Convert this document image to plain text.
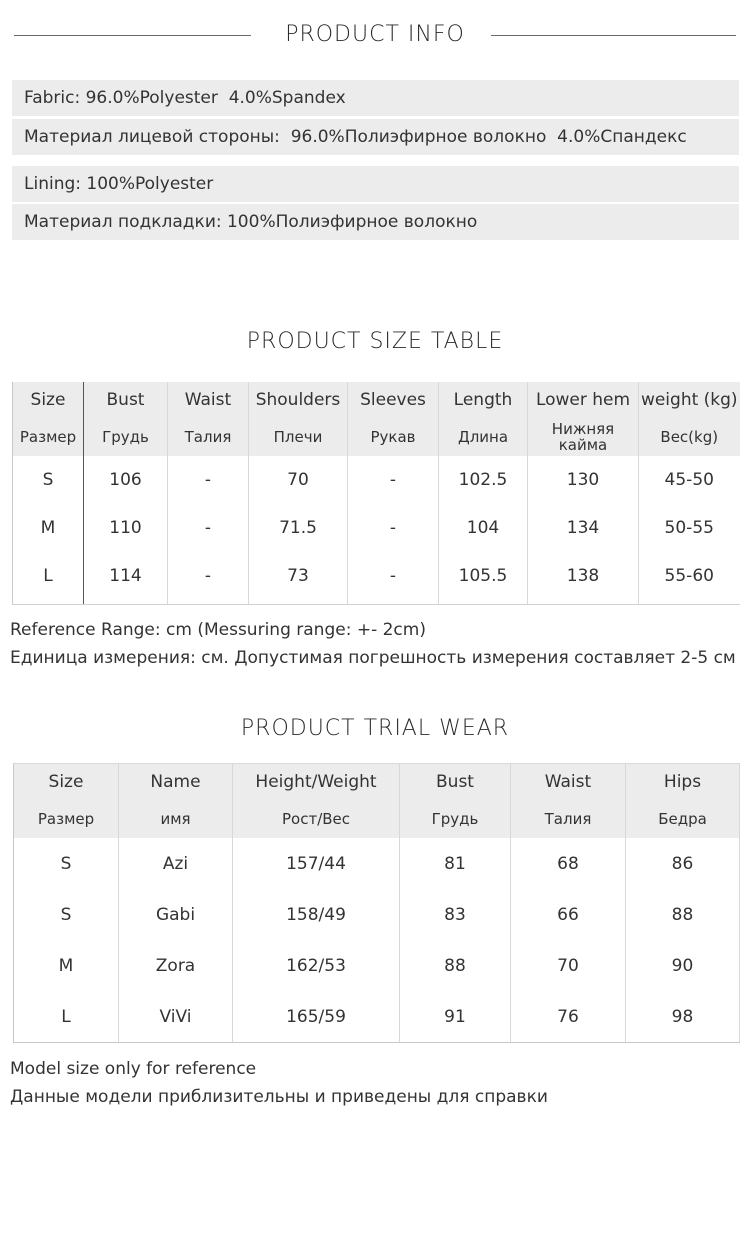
PRODUCT INFO
Fabric: 96.0%Polyester  4.0%Spandex
Материал лицевой стороны:  96.0%Полиэфирное волокно  4.0%Спандекс
Lining: 100%Polyester
Материал подкладки: 100%Полиэфирное волокно
PRODUCT SIZE TABLE
Size	Bust	Waist	Shoulders	Sleeves	Length	Lower hem	weight (kg)
Размер	Грудь	Талия	Плечи	Рукав	Длина	Нижняя кайма	Вес(kg)
S	106	-	70	-	102.5	130	45-50
M	110	-	71.5	-	104	134	50-55
L	114	-	73	-	105.5	138	55-60

Reference Range: cm (Messuring range: +- 2cm)
Единица измерения: см. Допустимая погрешность измерения составляет 2-5 см
PRODUCT TRIAL WEAR
Size	Name	Height/Weight	Bust	Waist	Hips
Размер	имя	Рост/Вес	Грудь	Талия	Бедра
S	Azi	157/44	81	68	86
S	Gabi	158/49	83	66	88
M	Zora	162/53	88	70	90
L	ViVi	165/59	91	76	98
Model size only for reference
Данные модели приблизительны и приведены для справки
